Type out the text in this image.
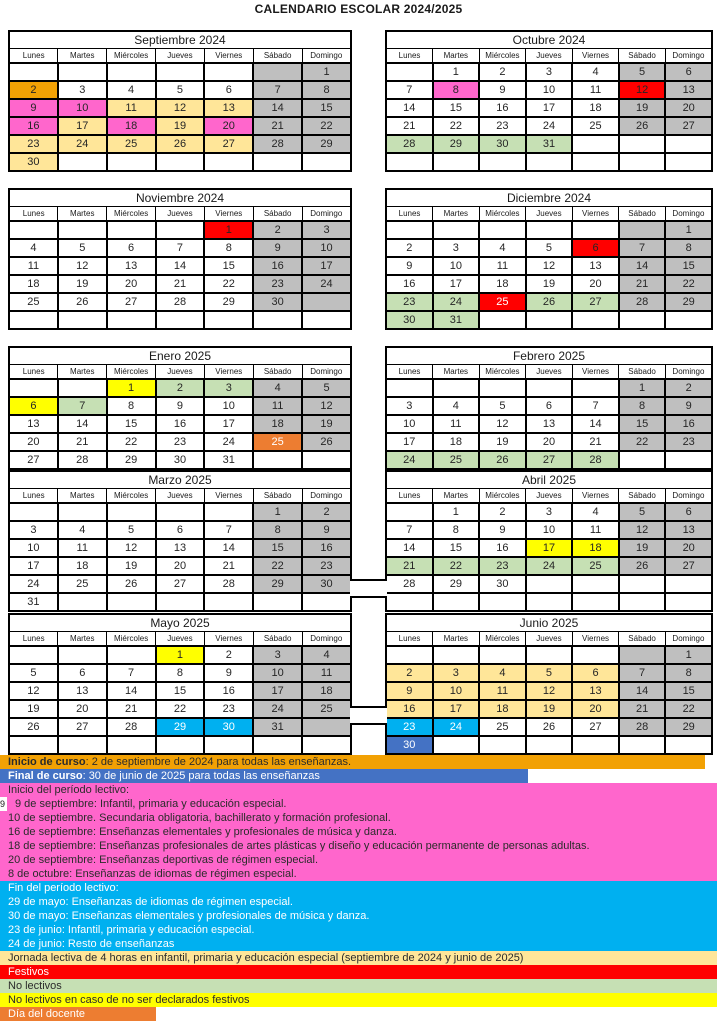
CALENDARIO ESCOLAR 2024/2025
Septiembre 2024						
Lunes	Martes	Miércoles	Jueves	Viernes	Sábado	Domingo
						1
2	3	4	5	6	7	8
9	10	11	12	13	14	15
16	17	18	19	20	21	22
23	24	25	26	27	28	29
30						
Octubre 2024						
Lunes	Martes	Miércoles	Jueves	Viernes	Sábado	Domingo
	1	2	3	4	5	6
7	8	9	10	11	12	13
14	15	16	17	18	19	20
21	22	23	24	25	26	27
28	29	30	31			

Noviembre 2024						
Lunes	Martes	Miércoles	Jueves	Viernes	Sábado	Domingo
				1	2	3
4	5	6	7	8	9	10
11	12	13	14	15	16	17
18	19	20	21	22	23	24
25	26	27	28	29	30	

Diciembre 2024						
Lunes	Martes	Miércoles	Jueves	Viernes	Sábado	Domingo
						1
2	3	4	5	6	7	8
9	10	11	12	13	14	15
16	17	18	19	20	21	22
23	24	25	26	27	28	29
30	31					
Enero 2025						
Lunes	Martes	Miércoles	Jueves	Viernes	Sábado	Domingo
		1	2	3	4	5
6	7	8	9	10	11	12
13	14	15	16	17	18	19
20	21	22	23	24	25	26
27	28	29	30	31		
Febrero 2025						
Lunes	Martes	Miércoles	Jueves	Viernes	Sábado	Domingo
					1	2
3	4	5	6	7	8	9
10	11	12	13	14	15	16
17	18	19	20	21	22	23
24	25	26	27	28		
Marzo 2025						
Lunes	Martes	Miércoles	Jueves	Viernes	Sábado	Domingo
					1	2
3	4	5	6	7	8	9
10	11	12	13	14	15	16
17	18	19	20	21	22	23
24	25	26	27	28	29	30
31						
Abril 2025						
Lunes	Martes	Miércoles	Jueves	Viernes	Sábado	Domingo
	1	2	3	4	5	6
7	8	9	10	11	12	13
14	15	16	17	18	19	20
21	22	23	24	25	26	27
28	29	30				

Mayo 2025						
Lunes	Martes	Miércoles	Jueves	Viernes	Sábado	Domingo
			1	2	3	4
5	6	7	8	9	10	11
12	13	14	15	16	17	18
19	20	21	22	23	24	25
26	27	28	29	30	31	

Junio 2025						
Lunes	Martes	Miércoles	Jueves	Viernes	Sábado	Domingo
						1
2	3	4	5	6	7	8
9	10	11	12	13	14	15
16	17	18	19	20	21	22
23	24	25	26	27	28	29
30						
Inicio de curso: 2 de septiembre de 2024 para todas las enseñanzas.
Final de curso: 30 de junio de 2025 para todas las enseñanzas
Inicio del período lectivo:
9 9 de septiembre: Infantil, primaria y educación especial.
10 de septiembre. Secundaria obligatoria, bachillerato y formación profesional.
16 de septiembre: Enseñanzas elementales y profesionales de música y danza.
18 de septiembre: Enseñanzas profesionales de artes plásticas y diseño y educación permanente de personas adultas.
20 de septiembre: Enseñanzas deportivas de régimen especial.
8 de octubre: Enseñanzas de idiomas de régimen especial.
Fin del período lectivo:
29 de mayo: Enseñanzas de idiomas de régimen especial.
30 de mayo: Enseñanzas elementales y profesionales de música y danza.
23 de junio: Infantil, primaria y educación especial.
24 de junio: Resto de enseñanzas
Jornada lectiva de 4 horas en infantil, primaria y educación especial (septiembre de 2024 y junio de 2025)
Festivos
No lectivos
No lectivos en caso de no ser declarados festivos
Día del docente
